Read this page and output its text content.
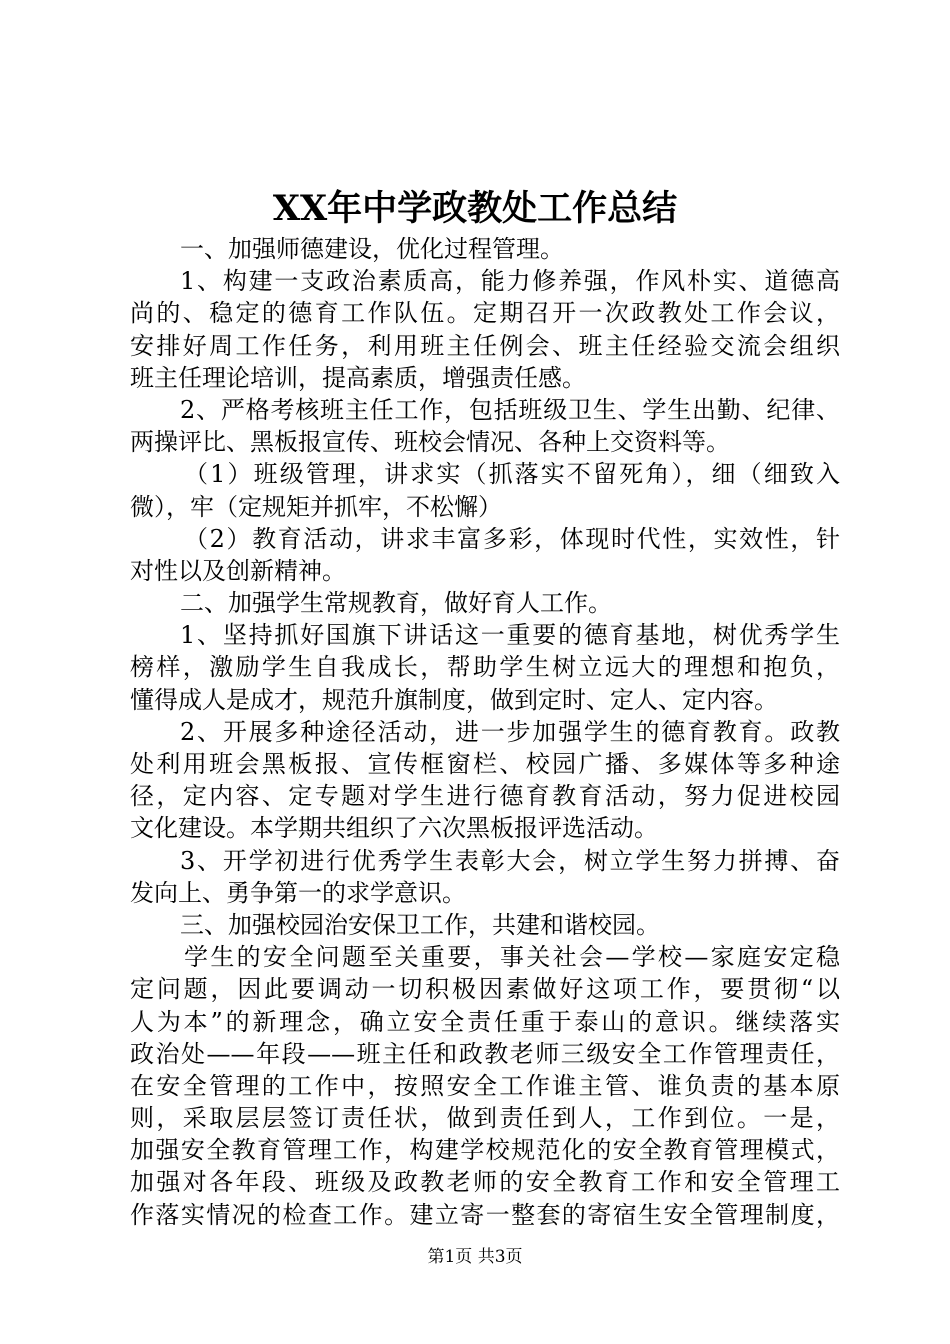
XX年中学政教处工作总结
一、加强师德建设，优化过程管理。
1、构建一支政治素质高，能力修养强，作风朴实、道德高
尚的、稳定的德育工作队伍。定期召开一次政教处工作会议，
安排好周工作任务，利用班主任例会、班主任经验交流会组织
班主任理论培训，提高素质，增强责任感。
2、严格考核班主任工作，包括班级卫生、学生出勤、纪律、
两操评比、黑板报宣传、班校会情况、各种上交资料等。
（1）班级管理，讲求实（抓落实不留死角），细（细致入
微），牢（定规矩并抓牢，不松懈）
（2）教育活动，讲求丰富多彩，体现时代性，实效性，针
对性以及创新精神。
二、加强学生常规教育，做好育人工作。
1、坚持抓好国旗下讲话这一重要的德育基地，树优秀学生
榜样，激励学生自我成长，帮助学生树立远大的理想和抱负，
懂得成人是成才，规范升旗制度，做到定时、定人、定内容。
2、开展多种途径活动，进一步加强学生的德育教育。政教
处利用班会黑板报、宣传框窗栏、校园广播、多媒体等多种途
径，定内容、定专题对学生进行德育教育活动，努力促进校园
文化建设。本学期共组织了六次黑板报评选活动。
3、开学初进行优秀学生表彰大会，树立学生努力拼搏、奋
发向上、勇争第一的求学意识。
三、加强校园治安保卫工作，共建和谐校园。
学生的安全问题至关重要，事关社会—学校—家庭安定稳
定问题，因此要调动一切积极因素做好这项工作，要贯彻“以
人为本”的新理念，确立安全责任重于泰山的意识。继续落实
政治处——年段——班主任和政教老师三级安全工作管理责任，
在安全管理的工作中，按照安全工作谁主管、谁负责的基本原
则，采取层层签订责任状，做到责任到人，工作到位。一是，
加强安全教育管理工作，构建学校规范化的安全教育管理模式，
加强对各年段、班级及政教老师的安全教育工作和安全管理工
作落实情况的检查工作。建立寄一整套的寄宿生安全管理制度，
第1页 共3页
